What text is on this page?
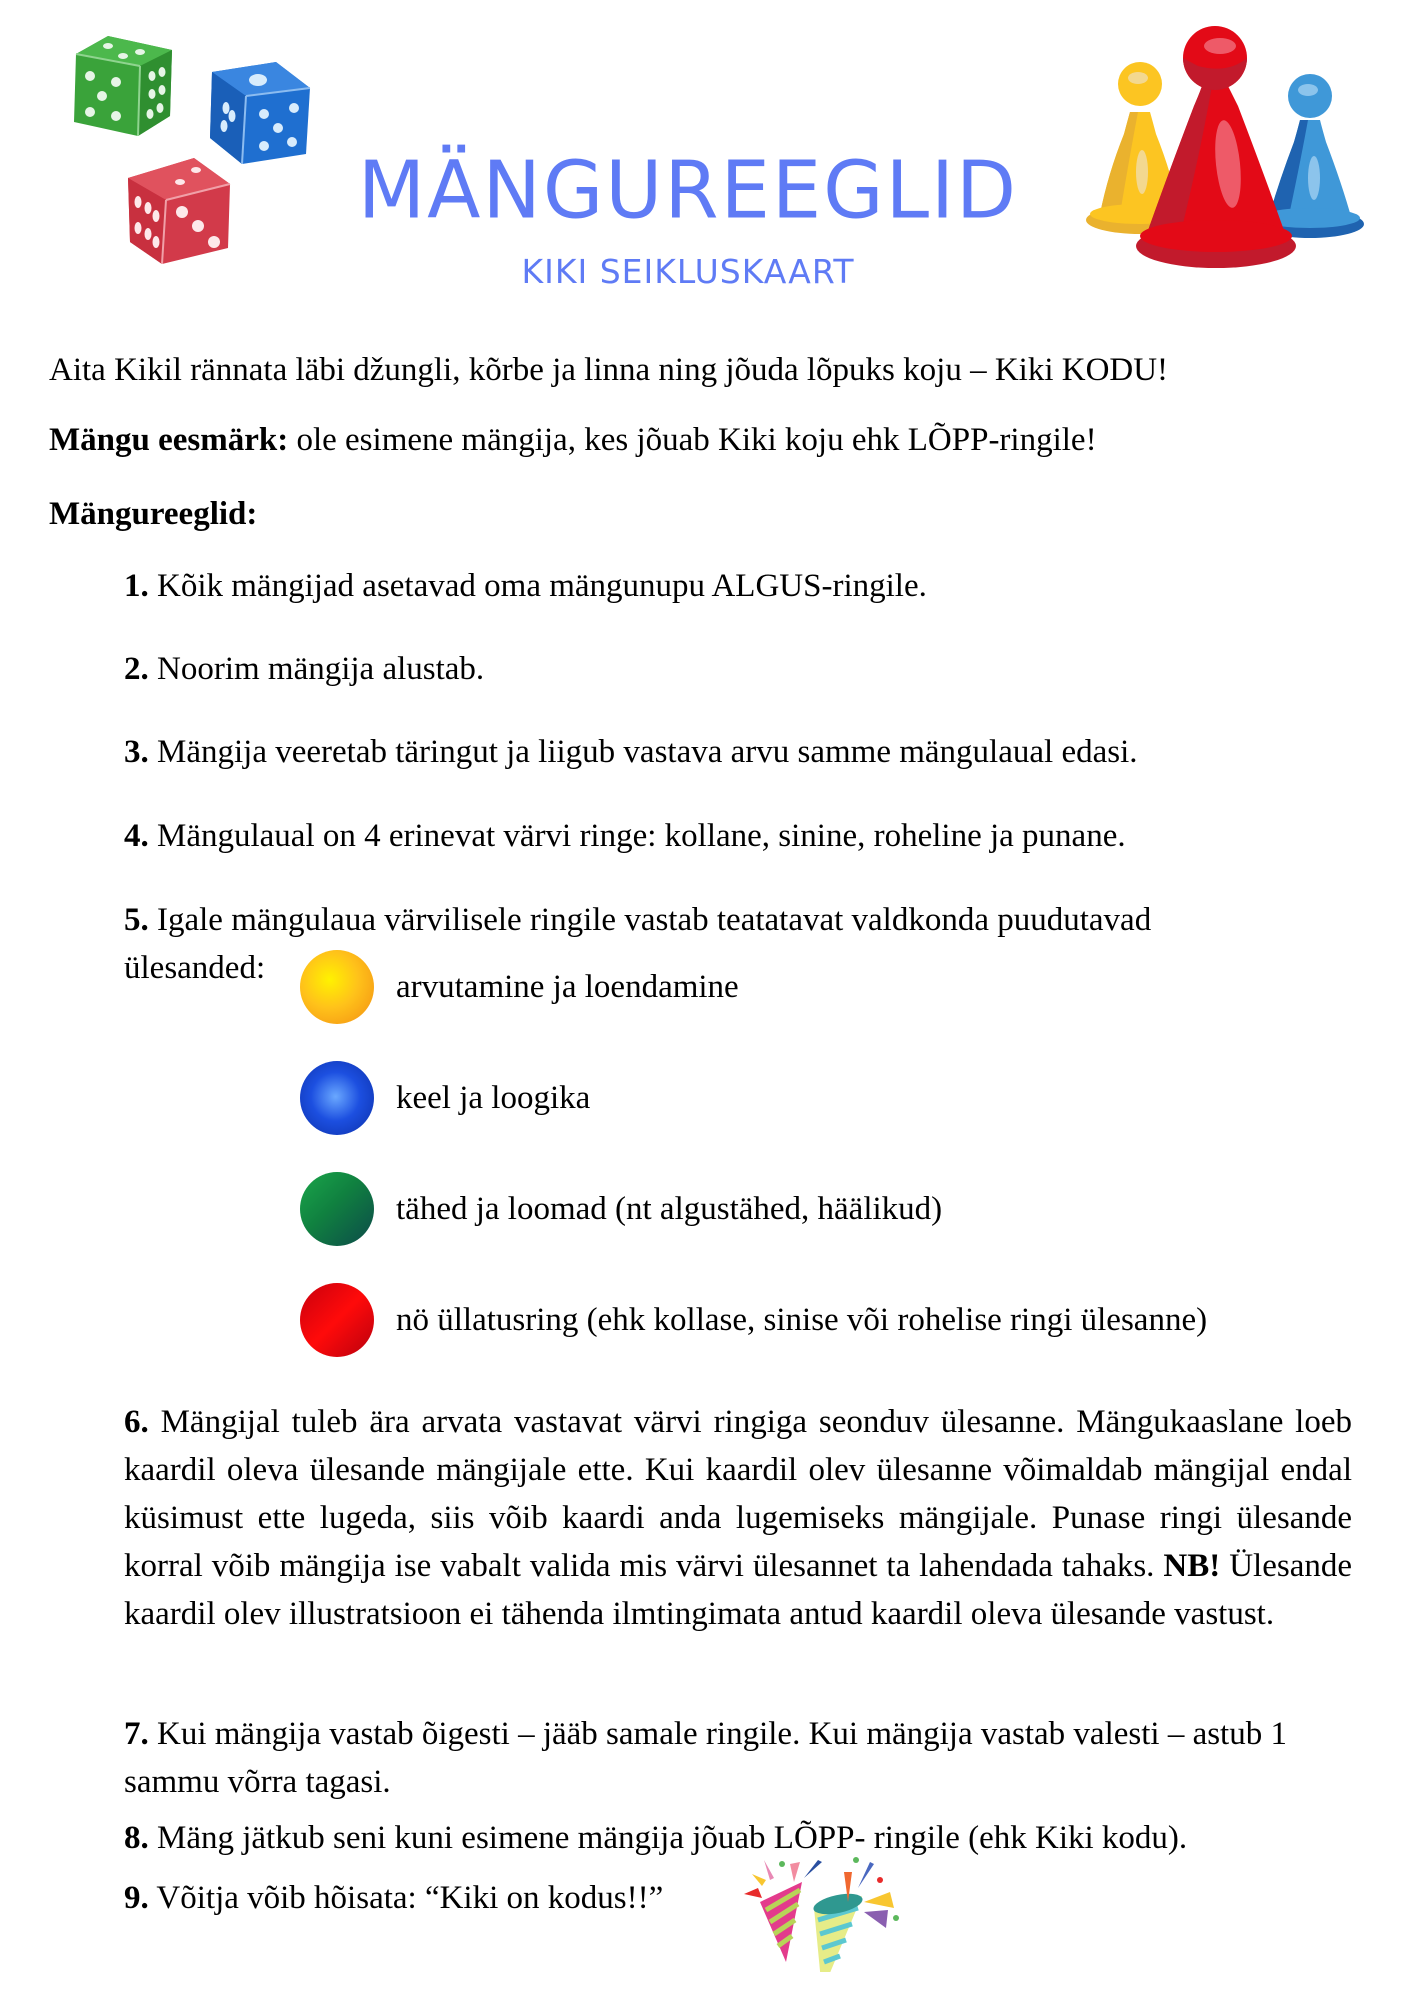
MÄNGUREEGLID
KIKI SEIKLUSKAART
Aita Kikil rännata läbi džungli, kõrbe ja linna ning jõuda lõpuks koju – Kiki KODU!
Mängu eesmärk: ole esimene mängija, kes jõuab Kiki koju ehk LÕPP-ringile!
Mängureeglid:
1. Kõik mängijad asetavad oma mängunupu ALGUS-ringile.
2. Noorim mängija alustab.
3. Mängija veeretab täringut ja liigub vastava arvu samme mängulaual edasi.
4. Mängulaual on 4 erinevat värvi ringe: kollane, sinine, roheline ja punane.
5. Igale mängulaua värvilisele ringile vastab teatatavat valdkonda puudutavad
ülesanded:
arvutamine ja loendamine
keel ja loogika
tähed ja loomad (nt algustähed, häälikud)
nö üllatusring (ehk kollase, sinise või rohelise ringi ülesanne)
6. Mängijal tuleb ära arvata vastavat värvi ringiga seonduv ülesanne. Mängukaaslane loeb kaardil oleva ülesande mängijale ette. Kui kaardil olev ülesanne võimaldab mängijal endal küsimust ette lugeda, siis võib kaardi anda lugemiseks mängijale. Punase ringi ülesande korral võib mängija ise vabalt valida mis värvi ülesannet ta lahendada tahaks. NB! Ülesande kaardil olev illustratsioon ei tähenda ilmtingimata antud kaardil oleva ülesande vastust.
7. Kui mängija vastab õigesti – jääb samale ringile. Kui mängija vastab valesti – astub 1 sammu võrra tagasi.
8. Mäng jätkub seni kuni esimene mängija jõuab LÕPP- ringile (ehk Kiki kodu).
9. Võitja võib hõisata: “Kiki on kodus!!”
